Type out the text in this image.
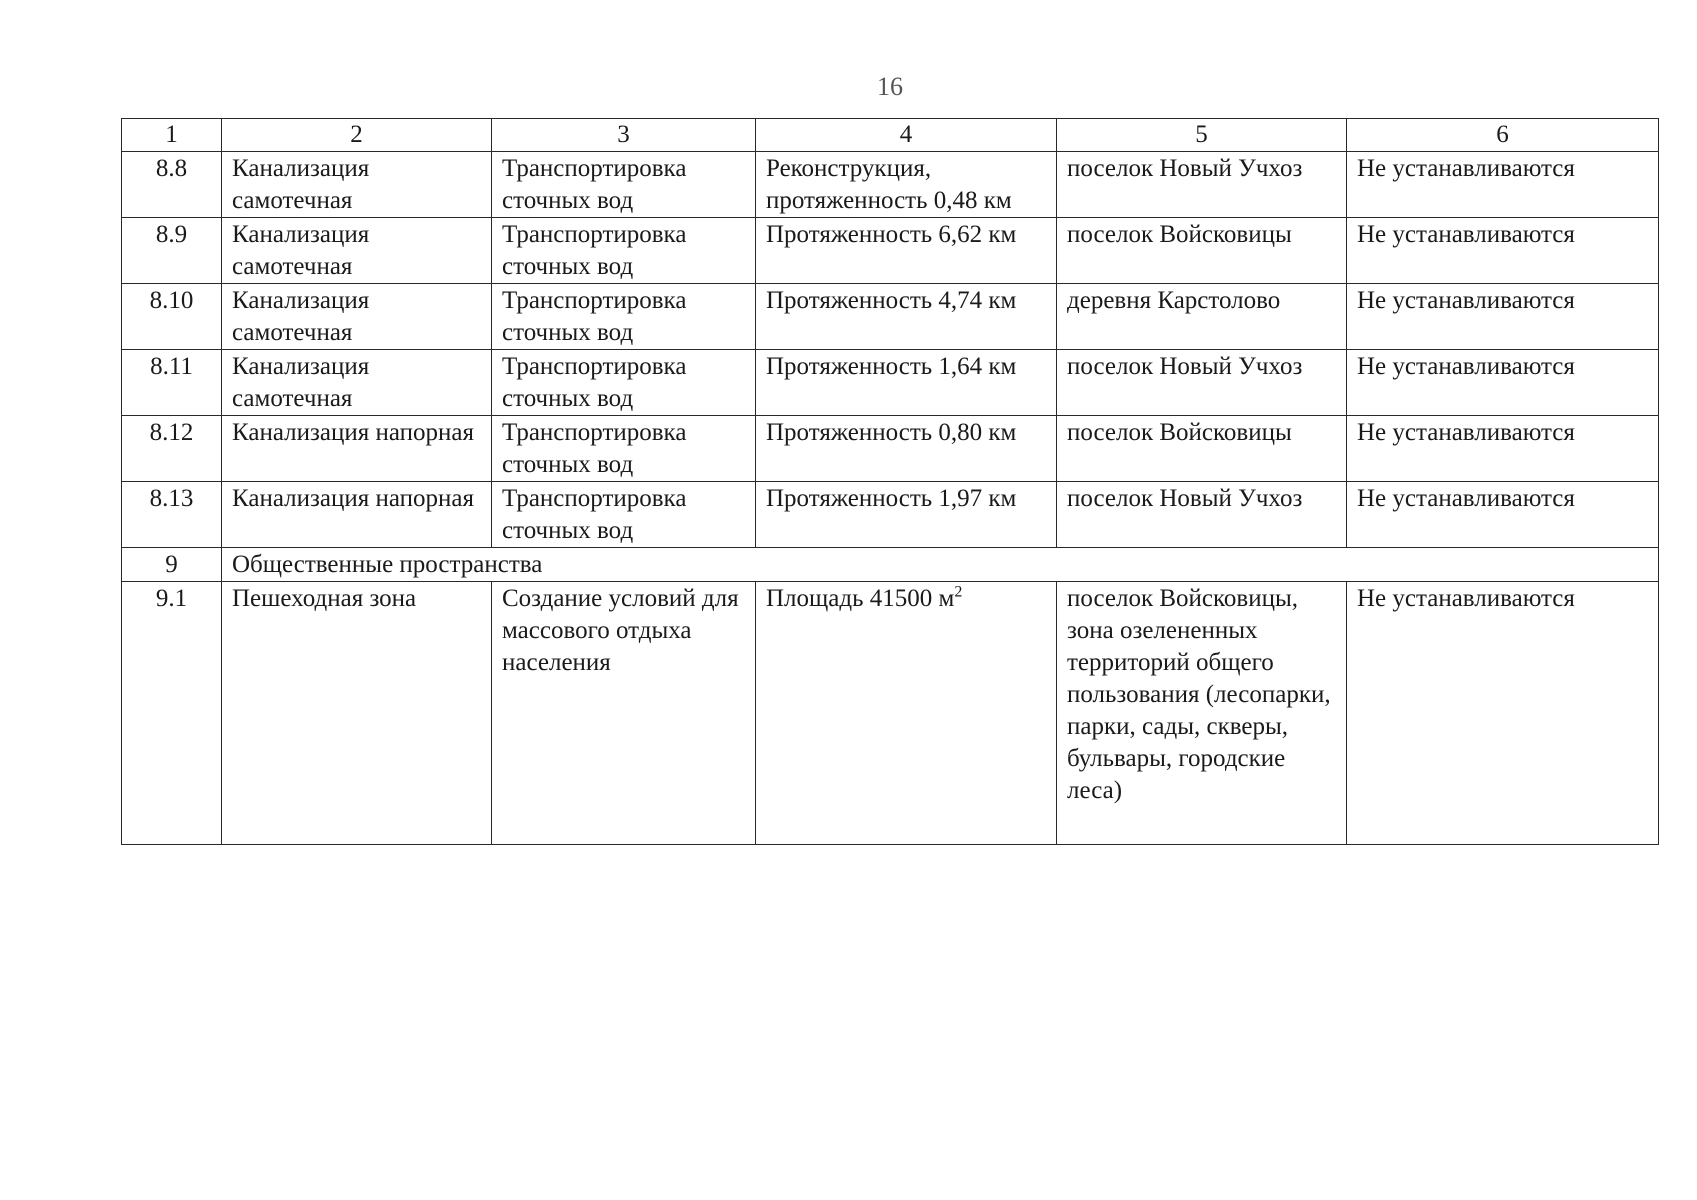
16
1	2	3	4	5	6
8.8	Канализация самотечная	Транспортировка сточных вод	Реконструкция, протяженность 0,48 км	поселок Новый Учхоз	Не устанавливаются
8.9	Канализация самотечная	Транспортировка сточных вод	Протяженность 6,62 км	поселок Войсковицы	Не устанавливаются
8.10	Канализация самотечная	Транспортировка сточных вод	Протяженность 4,74 км	деревня Карстолово	Не устанавливаются
8.11	Канализация самотечная	Транспортировка сточных вод	Протяженность 1,64 км	поселок Новый Учхоз	Не устанавливаются
8.12	Канализация напорная	Транспортировка сточных вод	Протяженность 0,80 км	поселок Войсковицы	Не устанавливаются
8.13	Канализация напорная	Транспортировка сточных вод	Протяженность 1,97 км	поселок Новый Учхоз	Не устанавливаются
9	Общественные пространства				
9.1	Пешеходная зона	Создание условий для массового отдыха населения	Площадь 41500 $м^2$	поселок Войсковицы, зона озелененных территорий общего пользования (лесопарки, парки, сады, скверы, бульвары, городские леса)	Не устанавливаются
